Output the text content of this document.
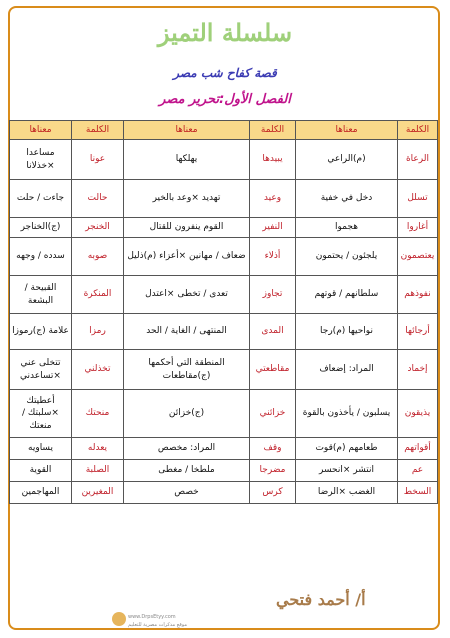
سلسلة التميز
قصة كفاح شب مصر
الفصل الأول:تحرير مصر
الكلمة	معناها	الكلمة	معناها	الكلمة	معناها
الرعاة	(م)الراعي	يبيدها	يهلكها	عونا	مساعدا ×خذلانا
تسلل	دخل في خفية	وعيد	تهديد ×وعد بالخير	حالت	جاءت / حلت
أغاروا	هجموا	النفير	القوم ينفرون للقتال	الخنجر	(ج)الخناجر
يعتصمون	يلجئون / يحتمون	أذلاء	ضعاف / مهانين ×أعزاء (م)ذليل	صوبه	سدده / وجهه
نفوذهم	سلطانهم / قوتهم	تجاوز	تعدى / تخطى ×اعتدل	المنكرة	القبيحة / البشعة
أرجائها	نواحيها (م)رجا	المدى	المنتهى / الغاية / الحد	رمزا	علامة (ج)رموزا
إخماد	المراد: إضعاف	مقاطعتي	المنطقة التي أحكمها (ج)مقاطعات	تخذلني	تتخلى عني ×تساعدني
يذيقون	يسلبون / يأخذون بالقوة	خزائني	(ج)خزائن	منحتك	أعطيتك ×سلبتك / منعتك
أقواتهم	طعامهم (م)قوت	وقف	المراد: مخصص	يعدله	يساويه
عم	انتشر ×انحسر	مضرجا	ملطخا / مغطى	الصلبة	القوية
السخط	الغضب ×الرضا	كرس	خصص	المغيرين	المهاجمين
أ/ أحمد فتحي
www.DrpsEtyy.com
موقع مذكرات مصرية للتعليم
